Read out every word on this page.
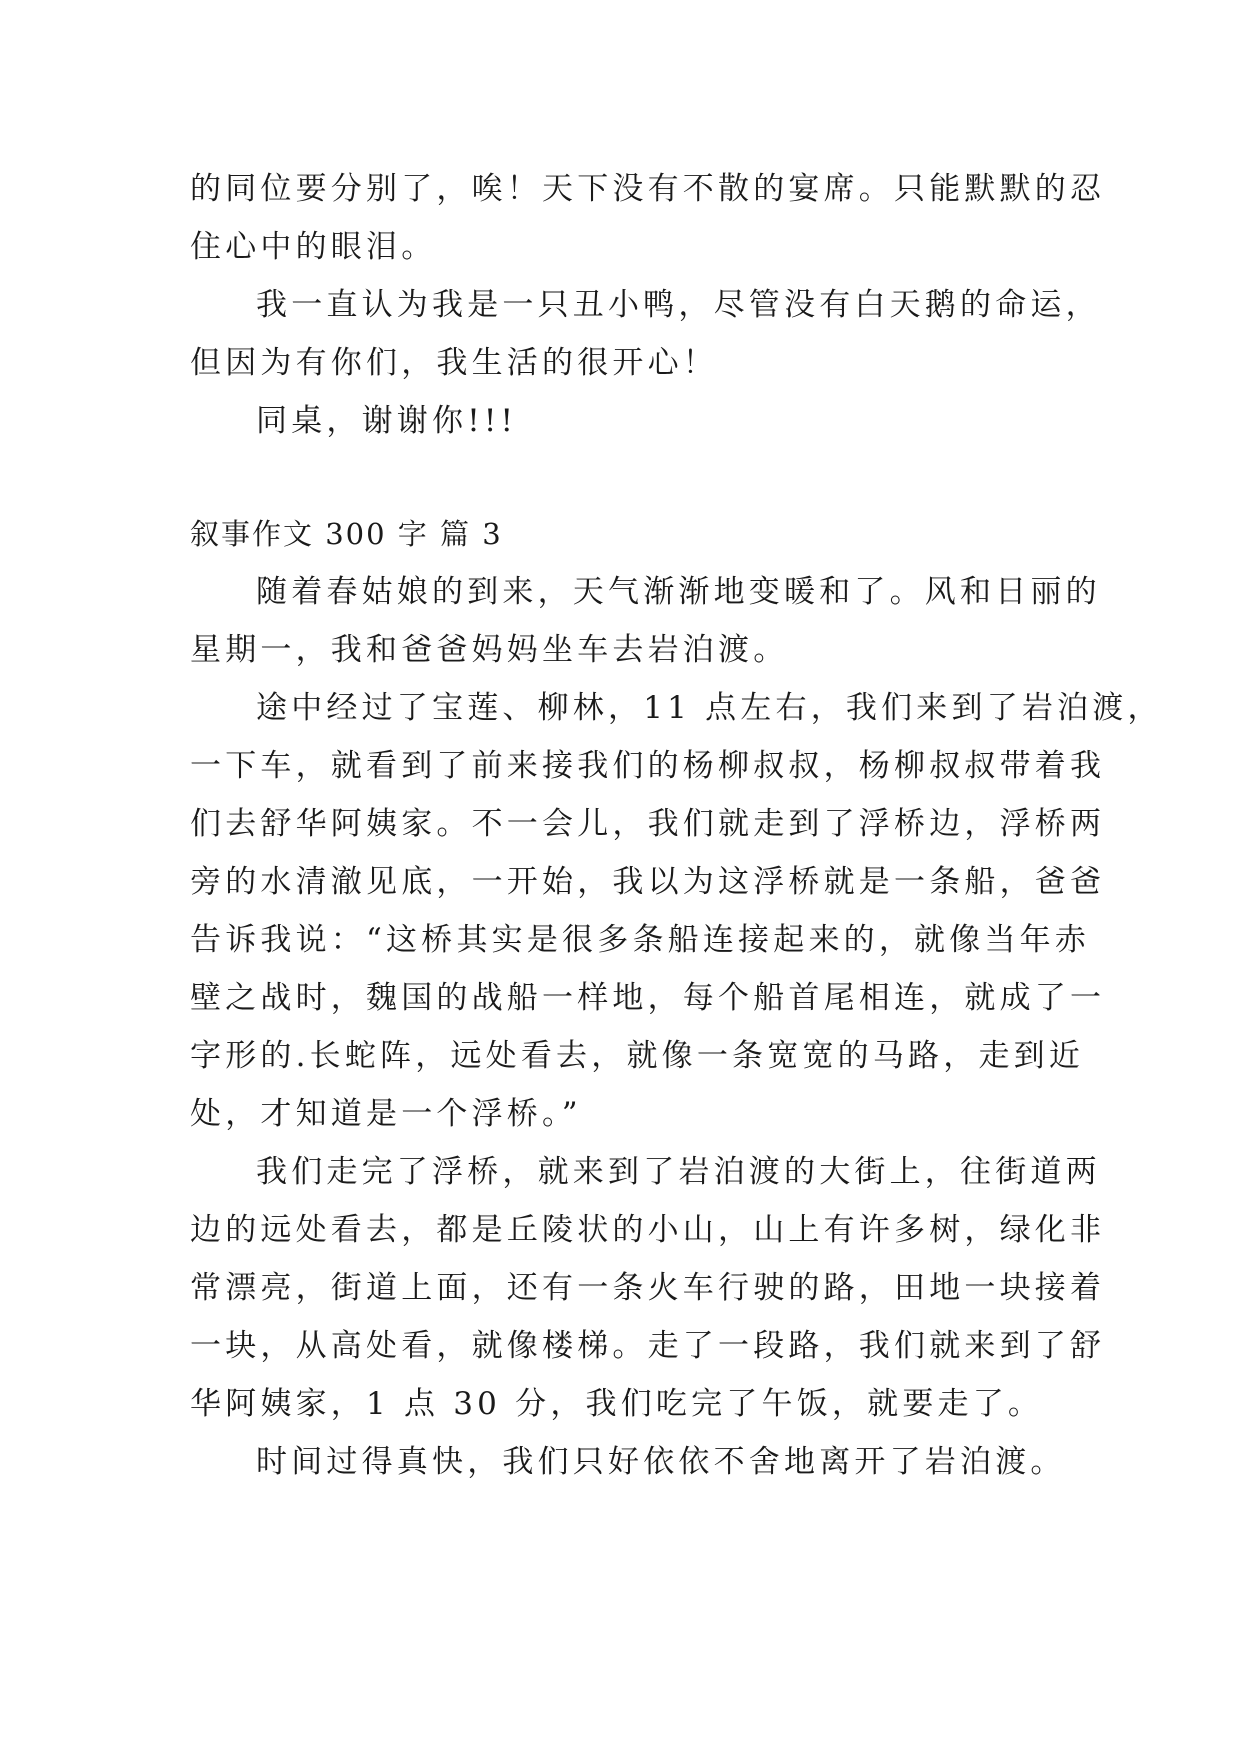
的同位要分别了，唉！天下没有不散的宴席。只能默默的忍
住心中的眼泪。
我一直认为我是一只丑小鸭，尽管没有白天鹅的命运，
但因为有你们，我生活的很开心！
同桌，谢谢你!!!
叙事作文 300 字 篇 3
随着春姑娘的到来，天气渐渐地变暖和了。风和日丽的
星期一，我和爸爸妈妈坐车去岩泊渡。
途中经过了宝莲、柳林，11 点左右，我们来到了岩泊渡，
一下车，就看到了前来接我们的杨柳叔叔，杨柳叔叔带着我
们去舒华阿姨家。不一会儿，我们就走到了浮桥边，浮桥两
旁的水清澈见底，一开始，我以为这浮桥就是一条船，爸爸
告诉我说：“这桥其实是很多条船连接起来的，就像当年赤
壁之战时，魏国的战船一样地，每个船首尾相连，就成了一
字形的.长蛇阵，远处看去，就像一条宽宽的马路，走到近
处，才知道是一个浮桥。”
我们走完了浮桥，就来到了岩泊渡的大街上，往街道两
边的远处看去，都是丘陵状的小山，山上有许多树，绿化非
常漂亮，街道上面，还有一条火车行驶的路，田地一块接着
一块，从高处看，就像楼梯。走了一段路，我们就来到了舒
华阿姨家，1 点 30 分，我们吃完了午饭，就要走了。
时间过得真快，我们只好依依不舍地离开了岩泊渡。
